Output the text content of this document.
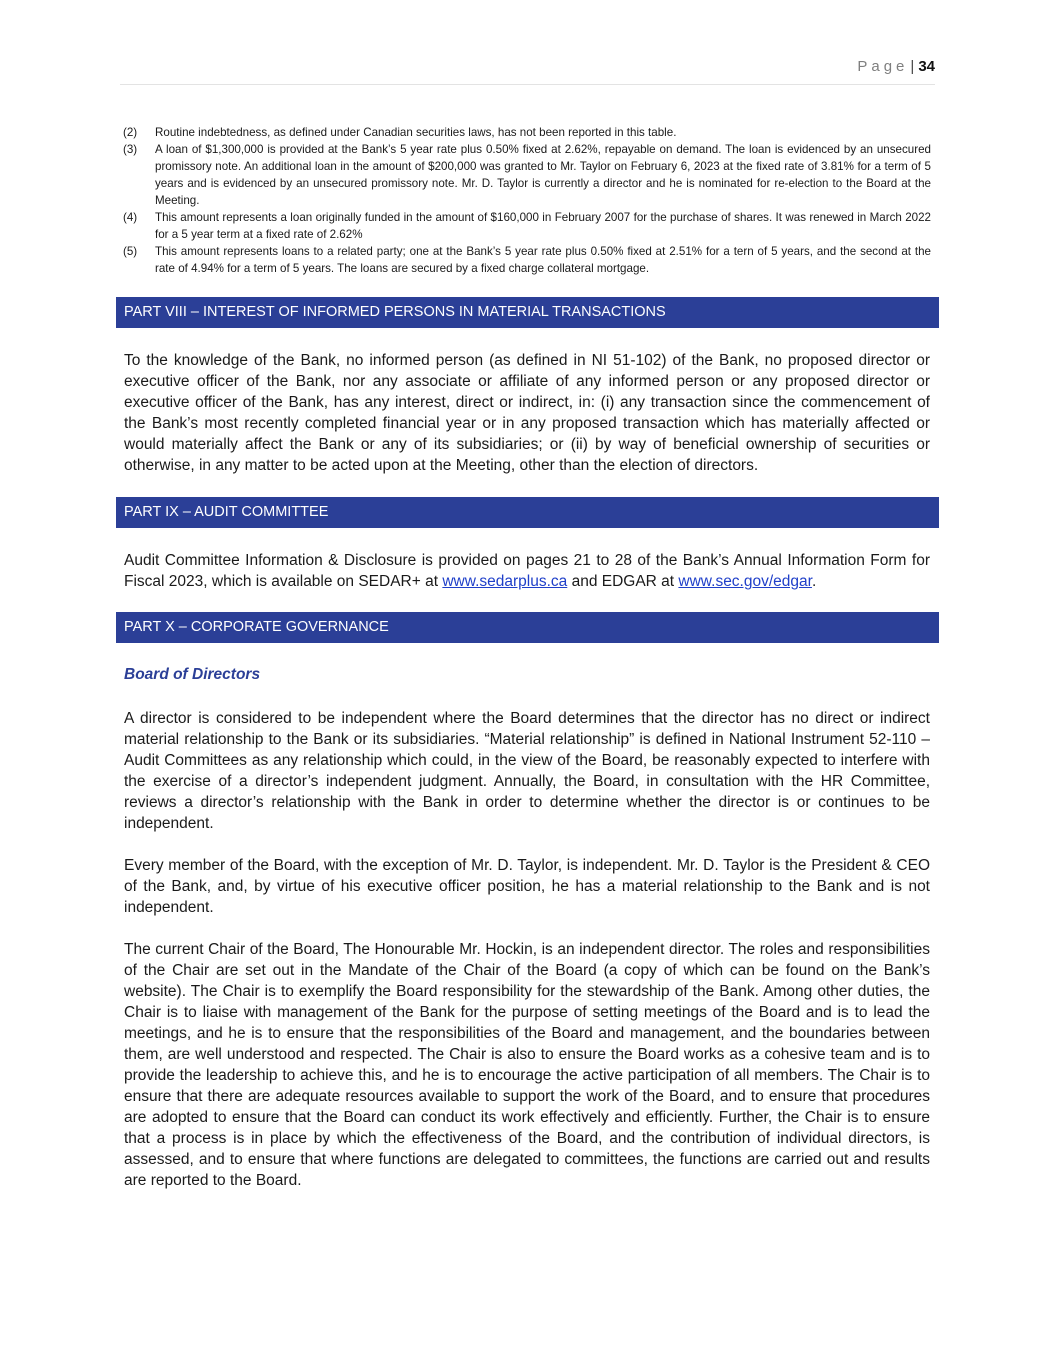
Page | 34
(2)	Routine indebtedness, as defined under Canadian securities laws, has not been reported in this table.
(3)	A loan of $1,300,000 is provided at the Bank’s 5 year rate plus 0.50% fixed at 2.62%, repayable on demand. The loan is evidenced by an unsecured promissory note. An additional loan in the amount of $200,000 was granted to Mr. Taylor on February 6, 2023 at the fixed rate of 3.81% for a term of 5 years and is evidenced by an unsecured promissory note. Mr. D. Taylor is currently a director and he is nominated for re-election to the Board at the Meeting.
(4)	This amount represents a loan originally funded in the amount of $160,000 in February 2007 for the purchase of shares. It was renewed in March 2022 for a 5 year term at a fixed rate of 2.62%
(5)	This amount represents loans to a related party; one at the Bank’s 5 year rate plus 0.50% fixed at 2.51% for a tern of 5 years, and the second at the rate of 4.94% for a term of 5 years. The loans are secured by a fixed charge collateral mortgage.
PART VIII – INTEREST OF INFORMED PERSONS IN MATERIAL TRANSACTIONS

To the knowledge of the Bank, no informed person (as defined in NI 51-102) of the Bank, no proposed director or executive officer of the Bank, nor any associate or affiliate of any informed person or any proposed director or executive officer of the Bank, has any interest, direct or indirect, in: (i) any transaction since the commencement of the Bank’s most recently completed financial year or in any proposed transaction which has materially affected or would materially affect the Bank or any of its subsidiaries; or (ii) by way of beneficial ownership of securities or otherwise, in any matter to be acted upon at the Meeting, other than the election of directors.

PART IX – AUDIT COMMITTEE

Audit Committee Information & Disclosure is provided on pages 21 to 28 of the Bank’s Annual Information Form for Fiscal 2023, which is available on SEDAR+ at www.sedarplus.ca and EDGAR at www.sec.gov/edgar.

PART X – CORPORATE GOVERNANCE

Board of Directors

A director is considered to be independent where the Board determines that the director has no direct or indirect material relationship to the Bank or its subsidiaries. “Material relationship” is defined in National Instrument 52-110 – Audit Committees as any relationship which could, in the view of the Board, be reasonably expected to interfere with the exercise of a director’s independent judgment. Annually, the Board, in consultation with the HR Committee, reviews a director’s relationship with the Bank in order to determine whether the director is or continues to be independent.

Every member of the Board, with the exception of Mr. D. Taylor, is independent. Mr. D. Taylor is the President & CEO of the Bank, and, by virtue of his executive officer position, he has a material relationship to the Bank and is not independent.

The current Chair of the Board, The Honourable Mr. Hockin, is an independent director. The roles and responsibilities of the Chair are set out in the Mandate of the Chair of the Board (a copy of which can be found on the Bank’s website). The Chair is to exemplify the Board responsibility for the stewardship of the Bank. Among other duties, the Chair is to liaise with management of the Bank for the purpose of setting meetings of the Board and is to lead the meetings, and he is to ensure that the responsibilities of the Board and management, and the boundaries between them, are well understood and respected. The Chair is also to ensure the Board works as a cohesive team and is to provide the leadership to achieve this, and he is to encourage the active participation of all members. The Chair is to ensure that there are adequate resources available to support the work of the Board, and to ensure that procedures are adopted to ensure that the Board can conduct its work effectively and efficiently. Further, the Chair is to ensure that a process is in place by which the effectiveness of the Board, and the contribution of individual directors, is assessed, and to ensure that where functions are delegated to committees, the functions are carried out and results are reported to the Board.
